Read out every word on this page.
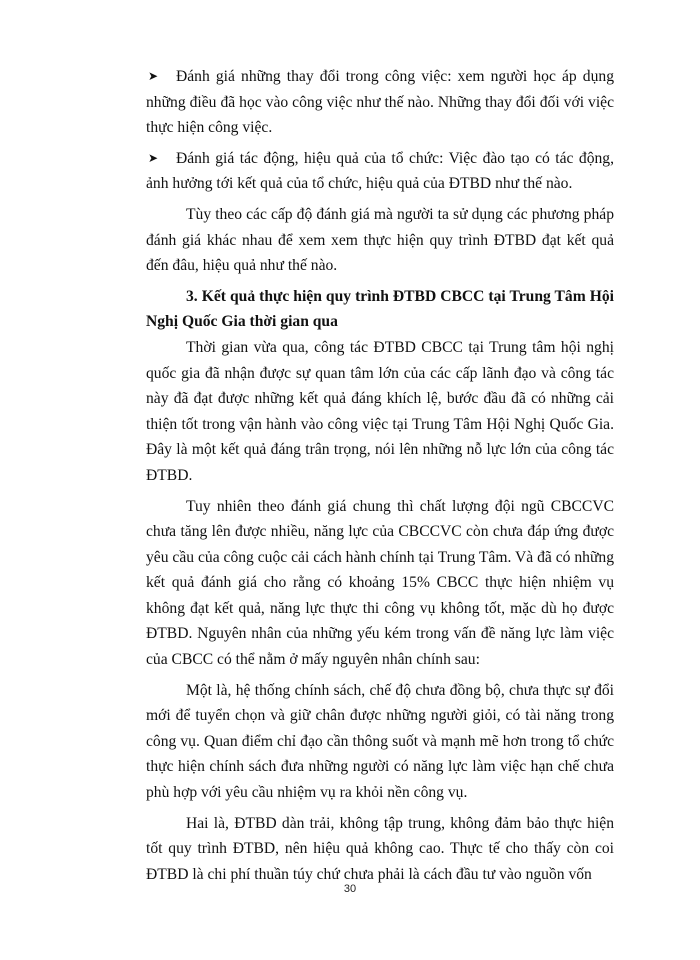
➤	Đánh giá những thay đổi trong công việc: xem người học áp dụng những điều đã học vào công việc như thế nào. Những thay đổi đối với việc thực hiện công việc.
➤	Đánh giá tác động, hiệu quả của tổ chức: Việc đào tạo có tác động, ảnh hưởng tới kết quả của tổ chức, hiệu quả của ĐTBD như thế nào.

Tùy theo các cấp độ đánh giá mà người ta sử dụng các phương pháp đánh giá khác nhau để xem xem thực hiện quy trình ĐTBD đạt kết quả đến đâu, hiệu quả như thế nào.

3. Kết quả thực hiện quy trình ĐTBD CBCC tại Trung Tâm Hội Nghị Quốc Gia thời gian qua

Thời gian vừa qua, công tác ĐTBD CBCC tại Trung tâm hội nghị quốc gia đã nhận được sự quan tâm lớn của các cấp lãnh đạo và công tác này đã đạt được những kết quả đáng khích lệ, bước đầu đã có những cải thiện tốt trong vận hành vào công việc tại Trung Tâm Hội Nghị Quốc Gia. Đây là một kết quả đáng trân trọng, nói lên những nỗ lực lớn của công tác ĐTBD.

Tuy nhiên theo đánh giá chung thì chất lượng đội ngũ CBCCVC chưa tăng lên được nhiều, năng lực của CBCCVC còn chưa đáp ứng được yêu cầu của công cuộc cải cách hành chính tại Trung Tâm. Và đã có những kết quả đánh giá cho rằng có khoảng 15% CBCC thực hiện nhiệm vụ không đạt kết quả, năng lực thực thi công vụ không tốt, mặc dù họ được ĐTBD. Nguyên nhân của những yếu kém trong vấn đề năng lực làm việc của CBCC có thể nằm ở mấy nguyên nhân chính sau:

Một là, hệ thống chính sách, chế độ chưa đồng bộ, chưa thực sự đổi mới để tuyển chọn và giữ chân được những người giỏi, có tài năng trong công vụ. Quan điểm chỉ đạo cần thông suốt và mạnh mẽ hơn trong tổ chức thực hiện chính sách đưa những người có năng lực làm việc hạn chế chưa phù hợp với yêu cầu nhiệm vụ ra khỏi nền công vụ.

Hai là, ĐTBD dàn trải, không tập trung, không đảm bảo thực hiện tốt quy trình ĐTBD, nên hiệu quả không cao. Thực tế cho thấy còn coi ĐTBD là chi phí thuần túy chứ chưa phải là cách đầu tư vào nguồn vốn

30
